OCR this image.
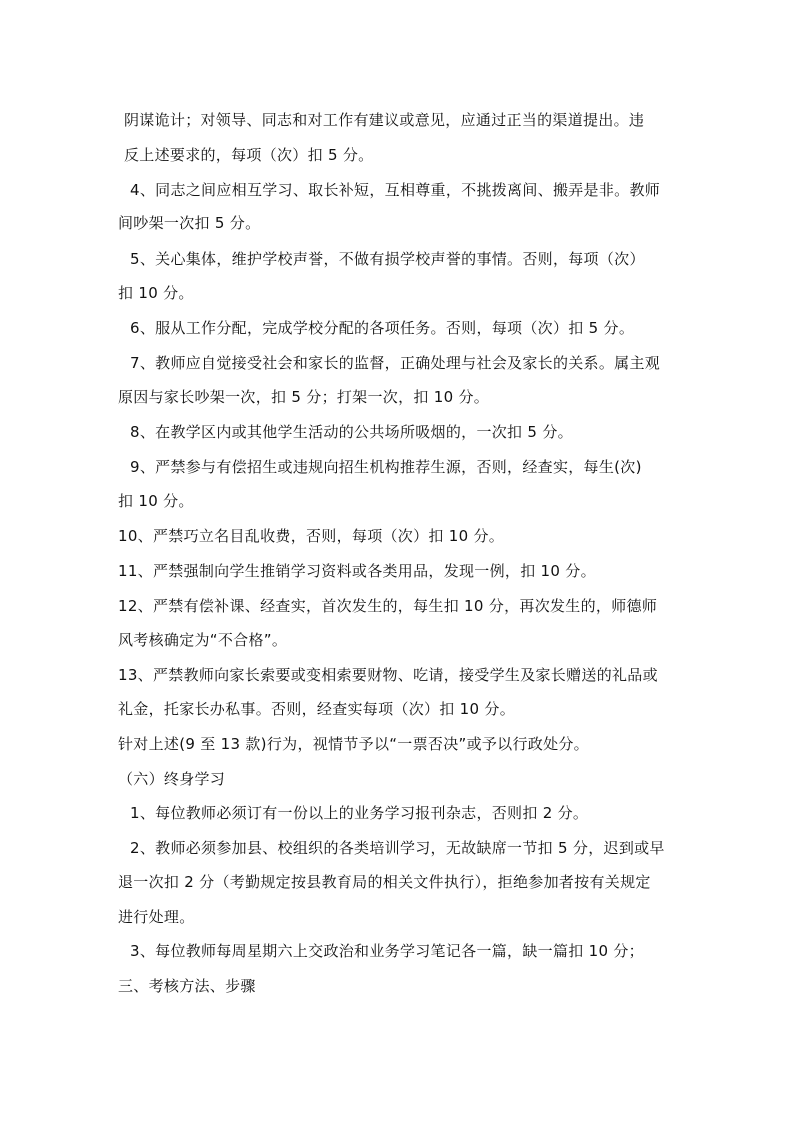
阴谋诡计；对领导、同志和对工作有建议或意见，应通过正当的渠道提出。违
反上述要求的，每项（次）扣 5 分。
4、同志之间应相互学习、取长补短，互相尊重，不挑拨离间、搬弄是非。教师
间吵架一次扣 5 分。
5、关心集体，维护学校声誉，不做有损学校声誉的事情。否则，每项（次）
扣 10 分。
6、服从工作分配，完成学校分配的各项任务。否则，每项（次）扣 5 分。
7、教师应自觉接受社会和家长的监督，正确处理与社会及家长的关系。属主观
原因与家长吵架一次，扣 5 分；打架一次，扣 10 分。
8、在教学区内或其他学生活动的公共场所吸烟的，一次扣 5 分。
9、严禁参与有偿招生或违规向招生机构推荐生源，否则，经查实，每生(次)
扣 10 分。
10、严禁巧立名目乱收费，否则，每项（次）扣 10 分。
11、严禁强制向学生推销学习资料或各类用品，发现一例，扣 10 分。
12、严禁有偿补课、经查实，首次发生的，每生扣 10 分，再次发生的，师德师
风考核确定为“不合格”。
13、严禁教师向家长索要或变相索要财物、吃请，接受学生及家长赠送的礼品或
礼金，托家长办私事。否则，经查实每项（次）扣 10 分。
针对上述(9 至 13 款)行为，视情节予以“一票否决”或予以行政处分。
（六）终身学习
1、每位教师必须订有一份以上的业务学习报刊杂志，否则扣 2 分。
2、教师必须参加县、校组织的各类培训学习，无故缺席一节扣 5 分，迟到或早
退一次扣 2 分（考勤规定按县教育局的相关文件执行），拒绝参加者按有关规定
进行处理。
3、每位教师每周星期六上交政治和业务学习笔记各一篇，缺一篇扣 10 分；
三、考核方法、步骤
